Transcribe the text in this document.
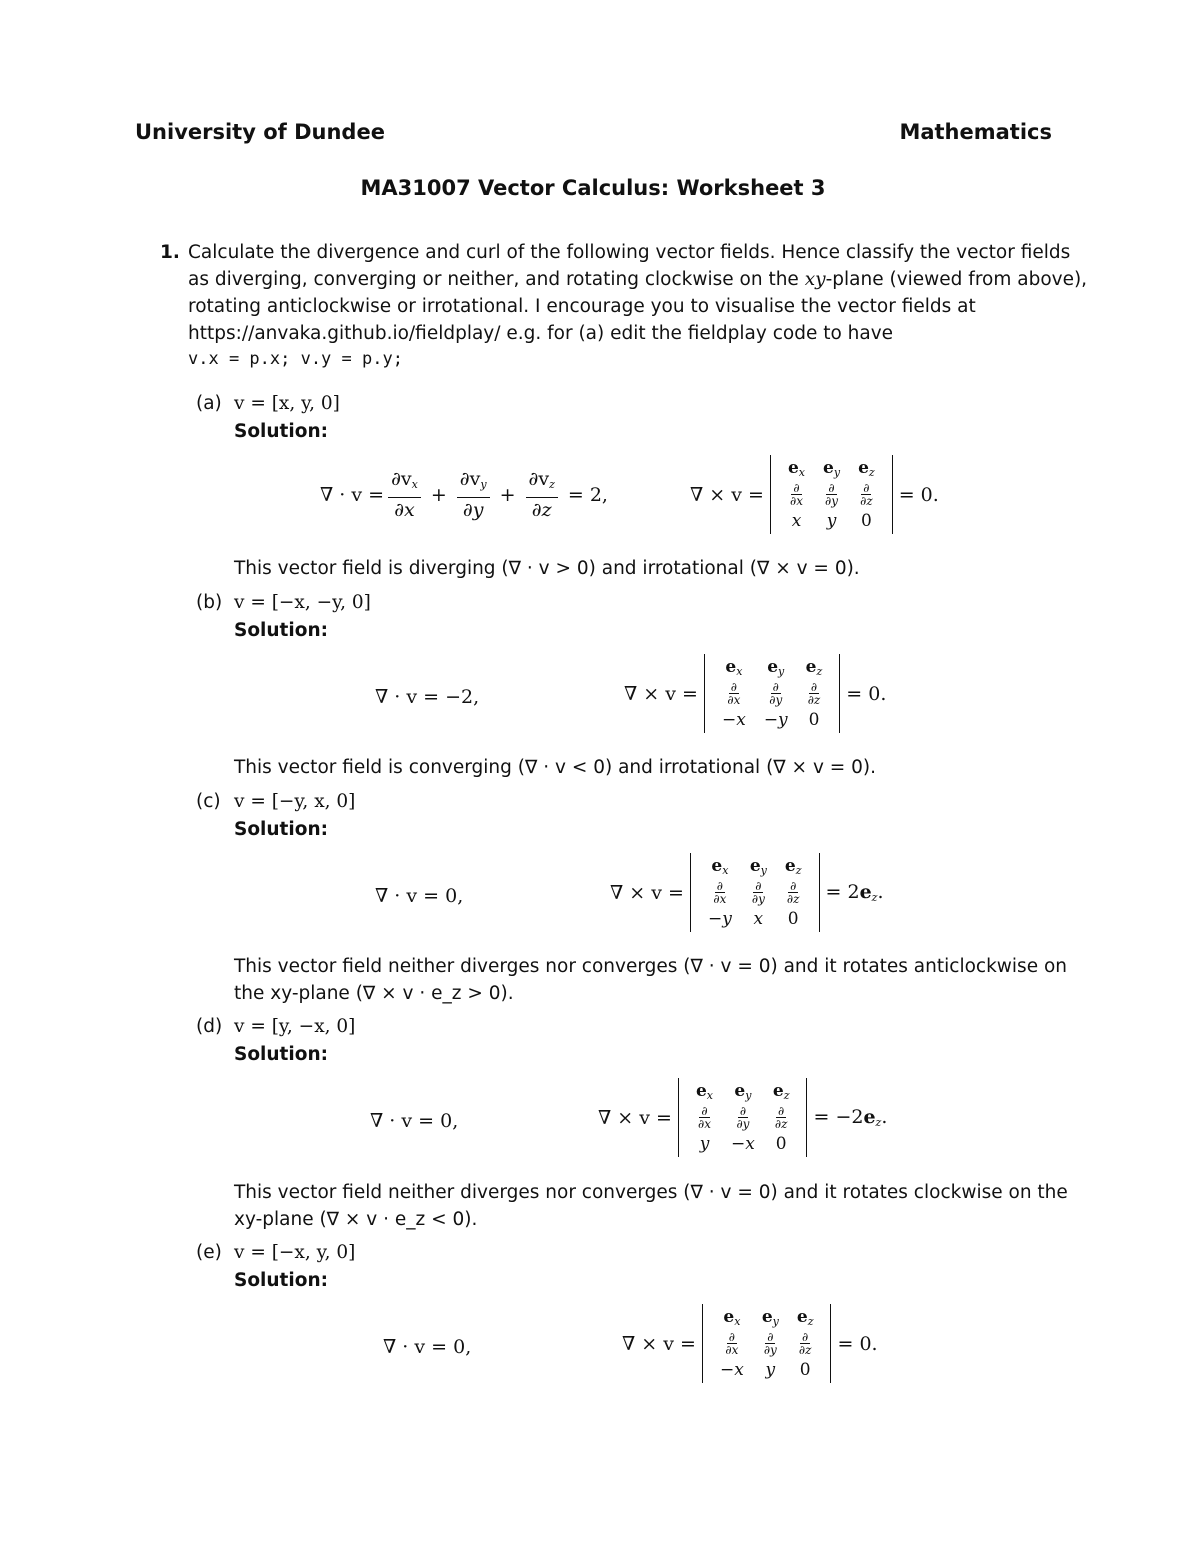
University of Dundee	Mathematics
MA31007 Vector Calculus: Worksheet 3
1. Calculate the divergence and curl of the following vector fields. Hence classify the vector fields
as diverging, converging or neither, and rotating clockwise on the xy-plane (viewed from above),
rotating anticlockwise or irrotational. I encourage you to visualise the vector fields at
https://anvaka.github.io/fieldplay/ e.g. for (a) edit the fieldplay code to have
v.x = p.x; v.y = p.y;
(a) v = [x, y, 0]
Solution:
∇ · $v = \frac{\partial v_x}{\partial x} + \frac{\partial v_y}{\partial y} + \frac{\partial v_z}{\partial z} = 2$,	∇ × v =
$e_x$	$e_y$	$e_z$

$\frac{\partial}{\partial x}$	$\frac{\partial}{\partial y}$	$\frac{\partial}{\partial z}$

x	y	0
= 0.
This vector field is diverging (∇ · v > 0) and irrotational (∇ × v = 0).
(b) v = [−x, −y, 0]
Solution:
∇ · v = −2,	∇ × v =
$e_x$	$e_y$	$e_z$

$\frac{\partial}{\partial x}$	$\frac{\partial}{\partial y}$	$\frac{\partial}{\partial z}$

−x	−y	0
= 0.
This vector field is converging (∇ · v < 0) and irrotational (∇ × v = 0).
(c) v = [−y, x, 0]
Solution:
∇ · v = 0,	∇ × v =
$e_x$	$e_y$	$e_z$

$\frac{\partial}{\partial x}$	$\frac{\partial}{\partial y}$	$\frac{\partial}{\partial z}$

−y	x	0
= $2e_z$.
This vector field neither diverges nor converges (∇ · v = 0) and it rotates anticlockwise on
the xy-plane (∇ × v · e_z > 0).
(d) v = [y, −x, 0]
Solution:
∇ · v = 0,	∇ × v =
$e_x$	$e_y$	$e_z$

$\frac{\partial}{\partial x}$	$\frac{\partial}{\partial y}$	$\frac{\partial}{\partial z}$

y	−x	0
= $-2e_z$.
This vector field neither diverges nor converges (∇ · v = 0) and it rotates clockwise on the
xy-plane (∇ × v · e_z < 0).
(e) v = [−x, y, 0]
Solution:
∇ · v = 0,	∇ × v =
$e_x$	$e_y$	$e_z$

$\frac{\partial}{\partial x}$	$\frac{\partial}{\partial y}$	$\frac{\partial}{\partial z}$

−x	y	0
= 0.
